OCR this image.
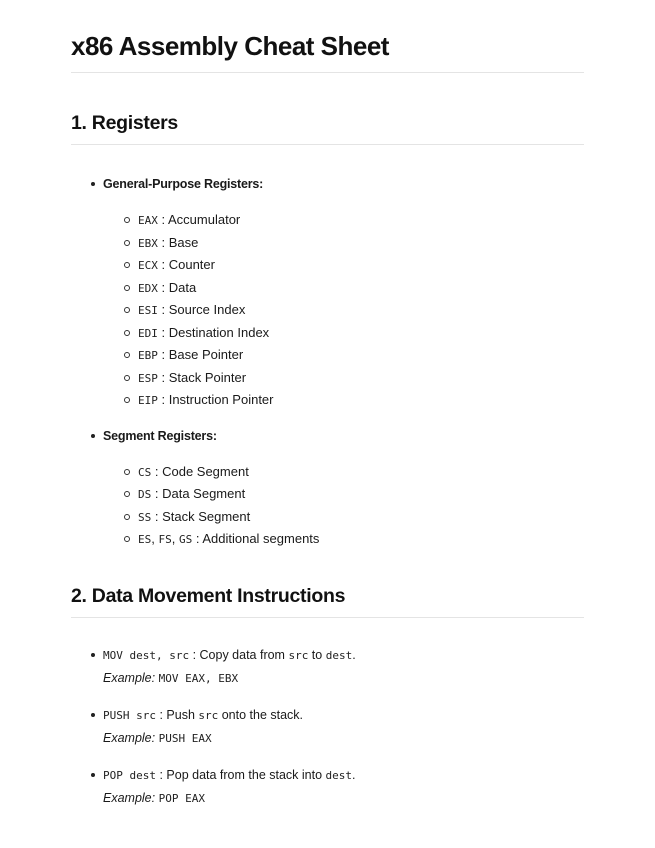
x86 Assembly Cheat Sheet
1. Registers
General-Purpose Registers:
EAX : Accumulator
EBX : Base
ECX : Counter
EDX : Data
ESI : Source Index
EDI : Destination Index
EBP : Base Pointer
ESP : Stack Pointer
EIP : Instruction Pointer
Segment Registers:
CS : Code Segment
DS : Data Segment
SS : Stack Segment
ES, FS, GS : Additional segments
2. Data Movement Instructions
MOV dest, src : Copy data from src to dest.
Example: MOV EAX, EBX
PUSH src : Push src onto the stack.
Example: PUSH EAX
POP dest : Pop data from the stack into dest.
Example: POP EAX
